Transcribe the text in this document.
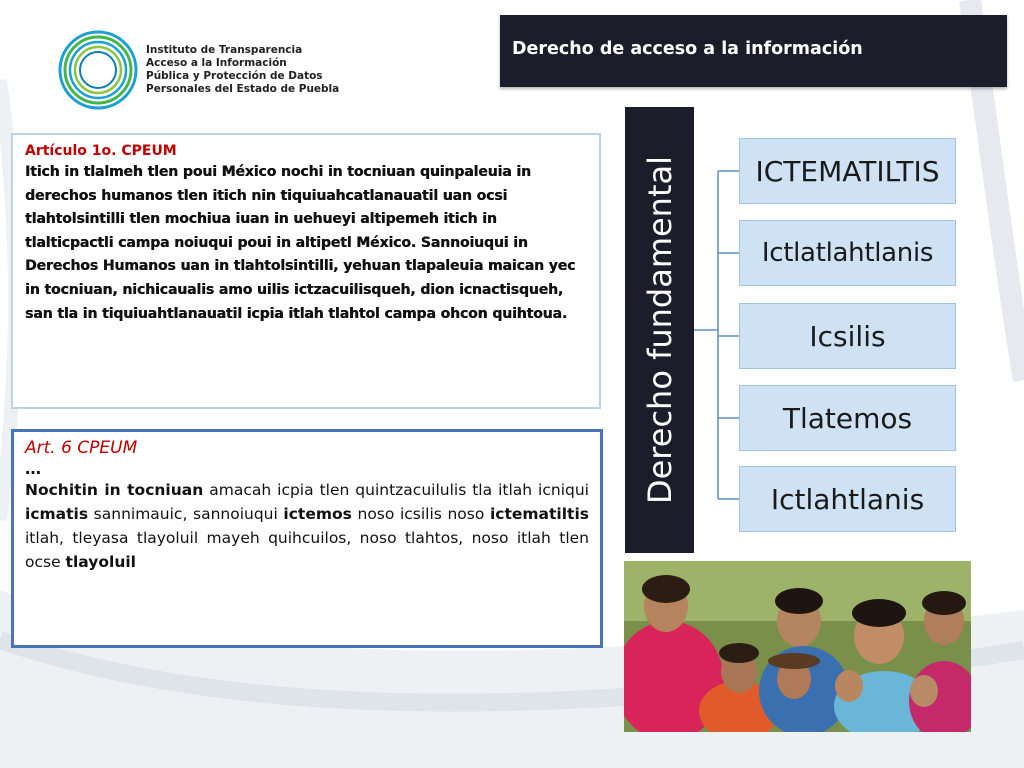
Instituto de Transparencia
Acceso a la Información
Pública y Protección de Datos
Personales del Estado de Puebla
Derecho de acceso a la información
Artículo 1o. CPEUM
Itich in tlalmeh tlen poui México nochi in tocniuan quinpaleuia in derechos humanos tlen itich nin tiquiuahcatlanauatil uan ocsi tlahtolsintilli tlen mochiua iuan in uehueyi altipemeh itich in tlalticpactli campa noiuqui poui in altipetl México. Sannoiuqui in Derechos Humanos uan in tlahtolsintilli, yehuan tlapaleuia maican yec in tocniuan, nichicaualis amo uilis ictzacuilisqueh, dion icnactisqueh, san tla in tiquiuahtlanauatil icpia itlah tlahtol campa ohcon quihtoua.
Art. 6 CPEUM
…
Nochitin in tocniuan amacah icpia tlen quintzacuilulis tla itlah icniqui icmatis sannimauic, sannoiuqui ictemos noso icsilis noso ictematiltis itlah, tleyasa tlayoluil mayeh quihcuilos, noso tlahtos, noso itlah tlen ocse tlayoluil
Derecho fundamental	ICTEMATILTIS
Ictlatlahtlanis
Icsilis
Tlatemos
Ictlahtlanis
